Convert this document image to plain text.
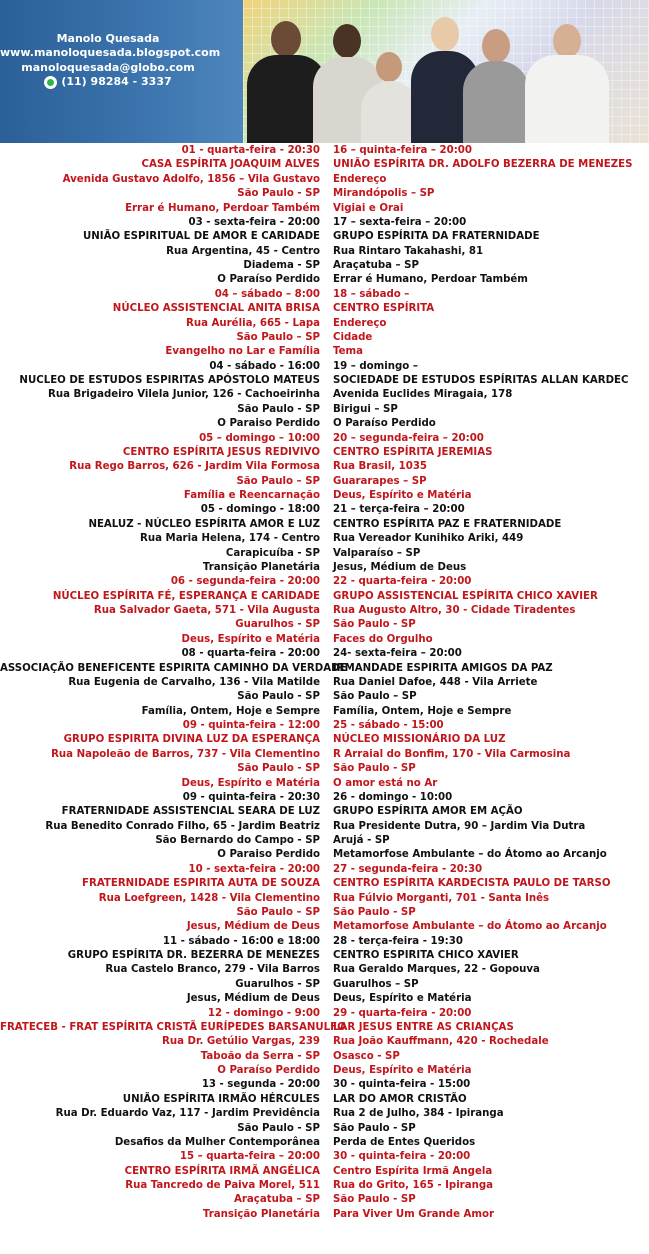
Manolo Quesada
www.manoloquesada.blogspot.com
manoloquesada@globo.com
(11) 98284 - 3337
01 - quarta-feira - 20:30
CASA ESPÍRITA JOAQUIM ALVES
Avenida Gustavo Adolfo, 1856 – Vila Gustavo
São Paulo - SP
Errar é Humano, Perdoar Também
03 - sexta-feira - 20:00
UNIÃO ESPIRITUAL DE AMOR E CARIDADE
Rua Argentina, 45 - Centro
Diadema - SP
O Paraíso Perdido
04 – sábado – 8:00
NÚCLEO ASSISTENCIAL ANITA BRISA
Rua Aurélia, 665 - Lapa
São Paulo – SP
Evangelho no Lar e Família
04 - sábado - 16:00
NUCLEO DE ESTUDOS ESPIRITAS APÓSTOLO MATEUS
Rua Brigadeiro Vilela Junior, 126 - Cachoeirinha
São Paulo - SP
O Paraiso Perdido
05 – domingo – 10:00
CENTRO ESPÍRITA JESUS REDIVIVO
Rua Rego Barros, 626 - Jardim Vila Formosa
São Paulo – SP
Família e Reencarnação
05 - domingo - 18:00
NEALUZ - NÚCLEO ESPÍRITA AMOR E LUZ
Rua Maria Helena, 174 - Centro
Carapicuíba - SP
Transição Planetária
06 - segunda-feira - 20:00
NÚCLEO ESPÍRITA FÉ, ESPERANÇA E CARIDADE
Rua Salvador Gaeta, 571 - Vila Augusta
Guarulhos - SP
Deus, Espírito e Matéria
08 - quarta-feira - 20:00
ASSOCIAÇÃO BENEFICENTE ESPIRITA CAMINHO DA VERDADE
Rua Eugenia de Carvalho, 136 - Vila Matilde
São Paulo - SP
Família, Ontem, Hoje e Sempre
09 - quinta-feira - 12:00
GRUPO ESPIRITA DIVINA LUZ DA ESPERANÇA
Rua Napoleão de Barros, 737 - Vila Clementino
São Paulo - SP
Deus, Espírito e Matéria
09 - quinta-feira - 20:30
FRATERNIDADE ASSISTENCIAL SEARA DE LUZ
Rua Benedito Conrado Filho, 65 - Jardim Beatriz
São Bernardo do Campo - SP
O Paraiso Perdido
10 - sexta-feira - 20:00
FRATERNIDADE ESPIRITA AUTA DE SOUZA
Rua Loefgreen, 1428 - Vila Clementino
São Paulo – SP
Jesus, Médium de Deus
11 - sábado - 16:00 e 18:00
GRUPO ESPÍRITA DR. BEZERRA DE MENEZES
Rua Castelo Branco, 279 - Vila Barros
Guarulhos - SP
Jesus, Médium de Deus
12 - domingo - 9:00
FRATECEB - FRAT ESPÍRITA CRISTÃ EURÍPEDES BARSANULFO
Rua Dr. Getúlio Vargas, 239
Taboão da Serra - SP
O Paraíso Perdido
13 - segunda - 20:00
UNIÃO ESPÍRITA IRMÃO HÉRCULES
Rua Dr. Eduardo Vaz, 117 - Jardim Previdência
São Paulo - SP
Desafios da Mulher Contemporânea
15 – quarta-feira – 20:00
CENTRO ESPÍRITA IRMÃ ANGÉLICA
Rua Tancredo de Paiva Morel, 511
Araçatuba – SP
Transição Planetária
16 – quinta-feira – 20:00
UNIÃO ESPÍRITA DR. ADOLFO BEZERRA DE MENEZES
Endereço
Mirandópolis – SP
Vigiai e Orai
17 – sexta-feira – 20:00
GRUPO ESPÍRITA DA FRATERNIDADE
Rua Rintaro Takahashi, 81
Araçatuba – SP
Errar é Humano, Perdoar Também
18 – sábado –
CENTRO ESPÍRITA
Endereço
Cidade
Tema
19 – domingo –
SOCIEDADE DE ESTUDOS ESPÍRITAS ALLAN KARDEC
Avenida Euclides Miragaia, 178
Birigui – SP
O Paraíso Perdido
20 – segunda-feira – 20:00
CENTRO ESPÍRITA JEREMIAS
Rua Brasil, 1035
Guararapes – SP
Deus, Espírito e Matéria
21 – terça-feira – 20:00
CENTRO ESPÍRITA PAZ E FRATERNIDADE
Rua Vereador Kunihiko Ariki, 449
Valparaíso – SP
Jesus, Médium de Deus
22 - quarta-feira - 20:00
GRUPO ASSISTENCIAL ESPÍRITA CHICO XAVIER
Rua Augusto Altro, 30 - Cidade Tiradentes
São Paulo - SP
Faces do Orgulho
24- sexta-feira – 20:00
IRMANDADE ESPIRITA AMIGOS DA PAZ
Rua Daniel Dafoe, 448 - Vila Arriete
São Paulo – SP
Família, Ontem, Hoje e Sempre
25 - sábado - 15:00
NÚCLEO MISSIONÁRIO DA LUZ
R Arraial do Bonfim, 170 - Vila Carmosina
São Paulo - SP
O amor está no Ar
26 - domingo - 10:00
GRUPO ESPÍRITA AMOR EM AÇÃO
Rua Presidente Dutra, 90 – Jardim Via Dutra
Arujá - SP
Metamorfose Ambulante – do Átomo ao Arcanjo
27 - segunda-feira - 20:30
CENTRO ESPÍRITA KARDECISTA PAULO DE TARSO
Rua Fúlvio Morganti, 701 - Santa Inês
São Paulo - SP
Metamorfose Ambulante – do Átomo ao Arcanjo
28 - terça-feira - 19:30
CENTRO ESPIRITA CHICO XAVIER
Rua Geraldo Marques, 22 - Gopouva
Guarulhos – SP
Deus, Espírito e Matéria
29 - quarta-feira - 20:00
LAR JESUS ENTRE AS CRIANÇAS
Rua João Kauffmann, 420 - Rochedale
Osasco - SP
Deus, Espírito e Matéria
30 - quinta-feira - 15:00
LAR DO AMOR CRISTÃO
Rua 2 de Julho, 384 - Ipiranga
São Paulo - SP
Perda de Entes Queridos
30 - quinta-feira - 20:00
Centro Espírita Irmã Angela
Rua do Grito, 165 - Ipiranga
São Paulo - SP
Para Viver Um Grande Amor
